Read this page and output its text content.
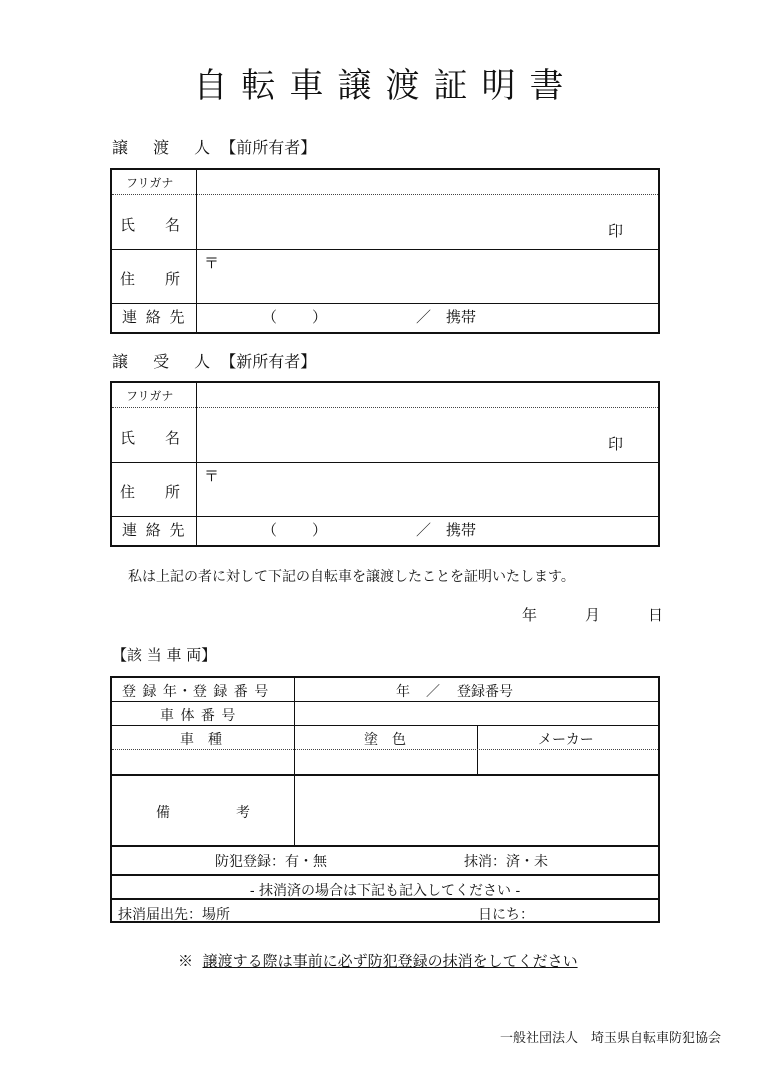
自転車譲渡証明書
譲 渡 人【前所有者】
フリガナ
氏　　名	印
住　　所
〒
連 絡 先	（ ）	／ 携帯
譲 受 人【新所有者】
フリガナ
氏　　名	印
住　　所
〒
連 絡 先	（ ）	／ 携帯
私は上記の者に対して下記の自転車を譲渡したことを証明いたします。
年	月	日
【該 当 車 両】
登 録 年・登 録 番 号	年 ／ 登録番号
車 体 番 号
車　種	塗　色	メーカー
備	考
防犯登録：有・無	抹消：済・未
- 抹消済の場合は下記も記入してください -
抹消届出先：場所	日にち：
※ 譲渡する際は事前に必ず防犯登録の抹消をしてください
一般社団法人　埼玉県自転車防犯協会
